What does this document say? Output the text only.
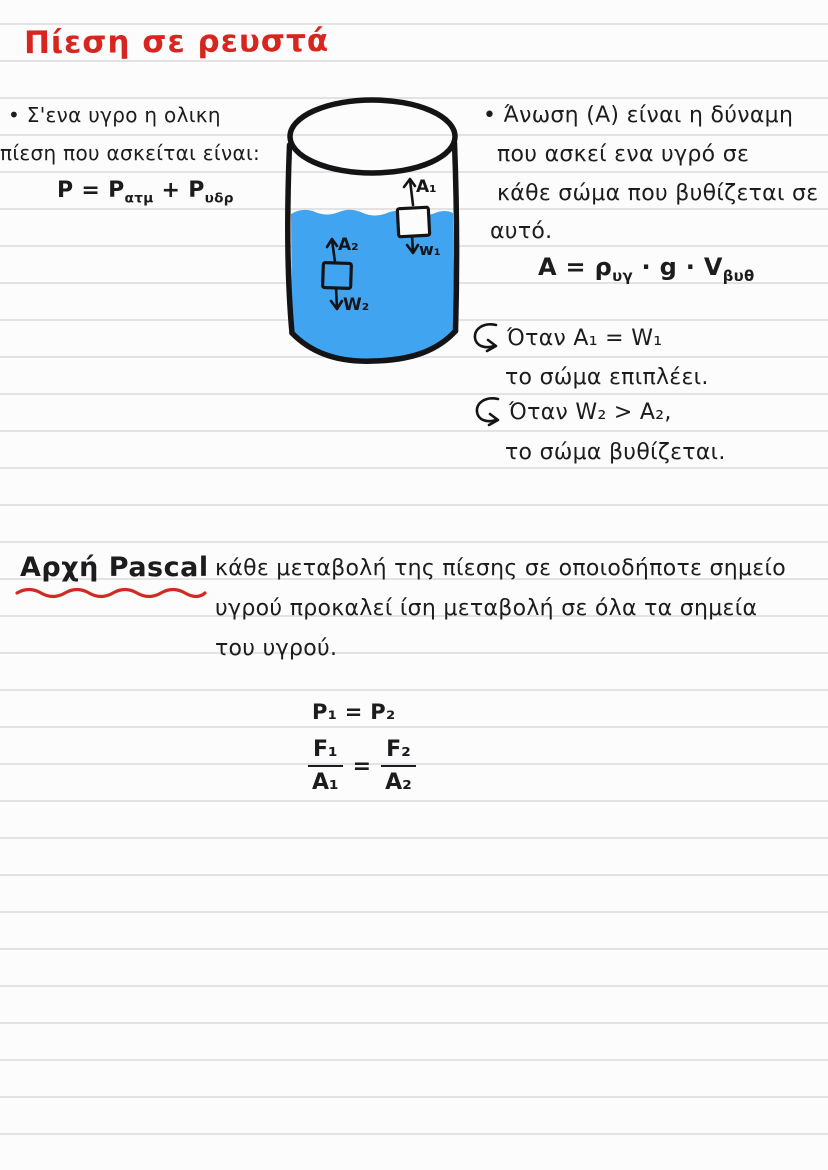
Πίεση σε ρευστά
• Σ'ενα υγρο η ολικη
πίεση που ασκείται είναι:
$P = P_{\alpha\tau\mu} + P_{\upsilon\delta\rho}$
A₁
w₁
A₂
W₂
• Άνωση (Α) είναι η δύναμη
που ασκεί ενα υγρό σε
κάθε σώμα που βυθίζεται σε
αυτό.
$A = \rho_{\upsilon\gamma} \cdot g \cdot V_{\beta\upsilon\theta}$
Όταν A₁ = W₁
το σώμα επιπλέει.
Όταν W₂ > A₂,
το σώμα βυθίζεται.
Αρχή Pascal κάθε μεταβολή της πίεσης σε οποιοδήποτε σημείο
υγρού προκαλεί ίση μεταβολή σε όλα τα σημεία
του υγρού.
P₁ = P₂
$\frac{\text{F₁}}{\text{A₁}} = \frac{\text{F₂}}{\text{A₂}}$
